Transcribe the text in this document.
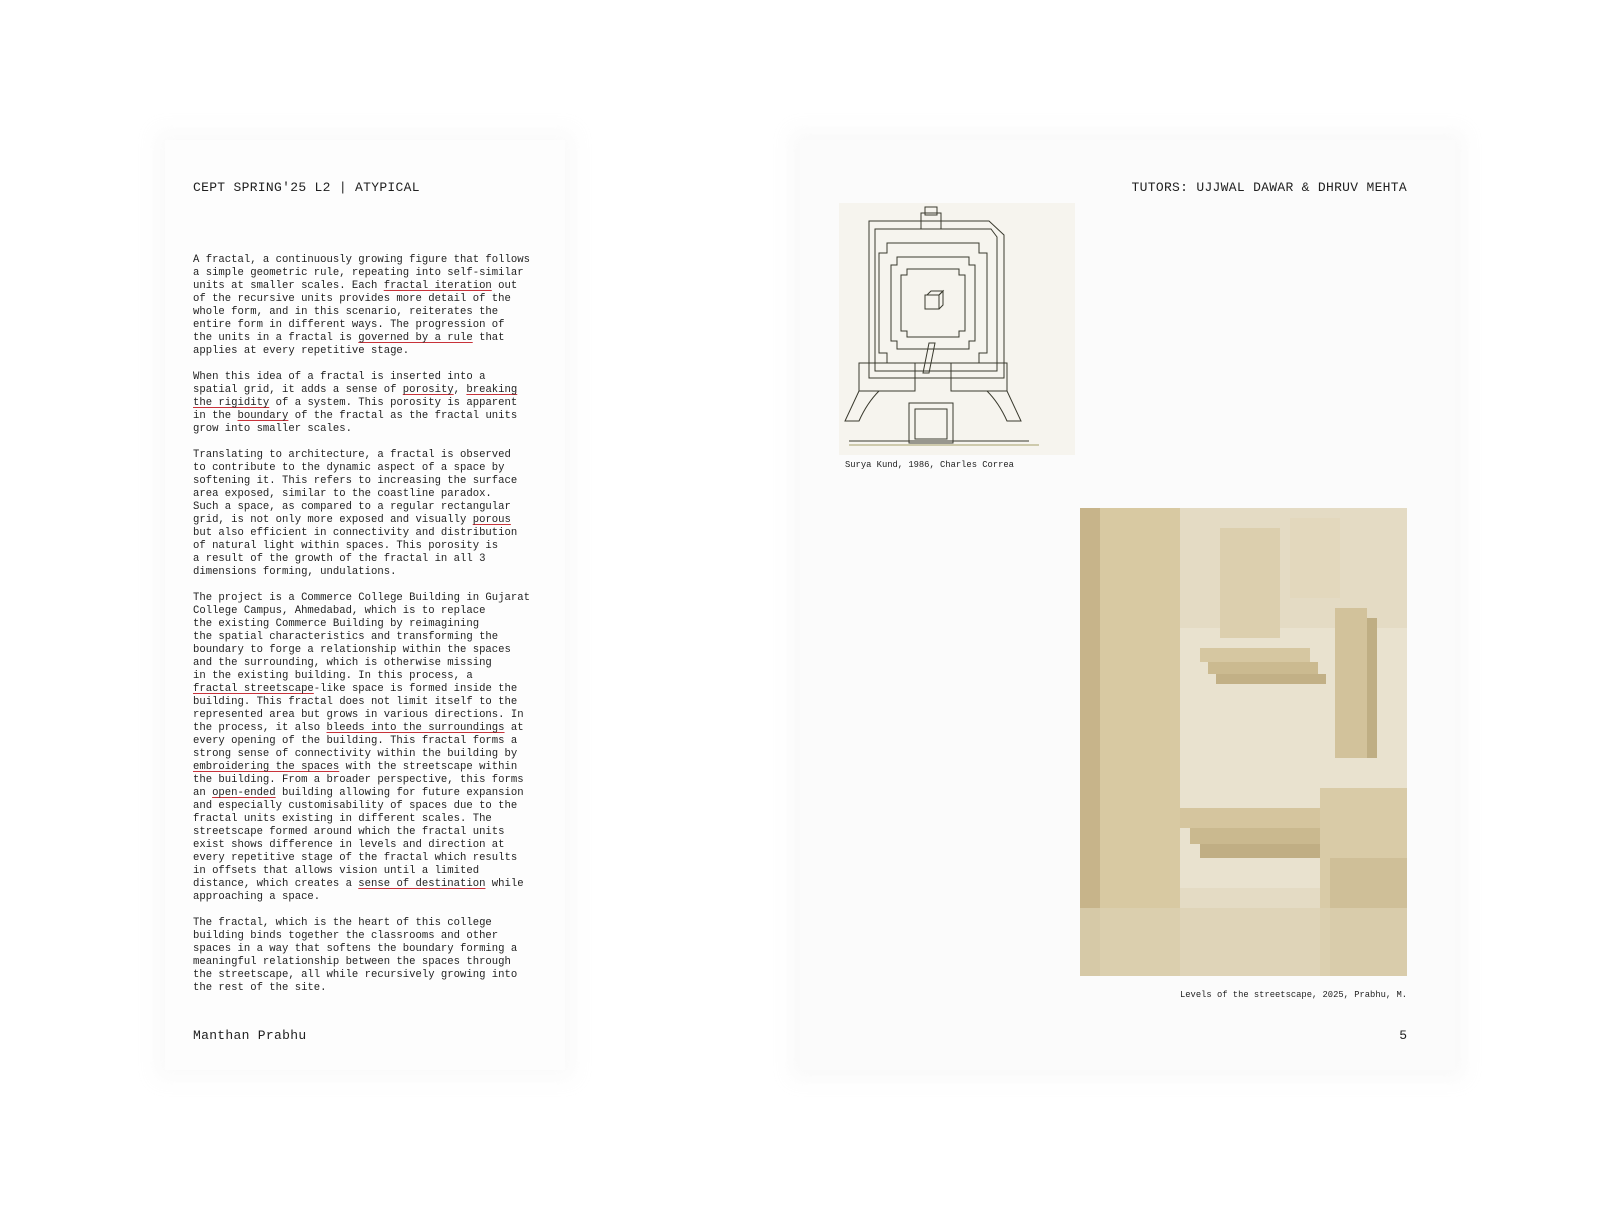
CEPT SPRING'25 L2 | ATYPICAL	TUTORS: UJJWAL DAWAR & DHRUV MEHTA
A fractal, a continuously growing figure that follows
a simple geometric rule, repeating into self-similar
units at smaller scales. Each fractal iteration out
of the recursive units provides more detail of the
whole form, and in this scenario, reiterates the
entire form in different ways. The progression of
the units in a fractal is governed by a rule that
applies at every repetitive stage.
When this idea of a fractal is inserted into a
spatial grid, it adds a sense of porosity, breaking
the rigidity of a system. This porosity is apparent
in the boundary of the fractal as the fractal units
grow into smaller scales.
Translating to architecture, a fractal is observed
to contribute to the dynamic aspect of a space by
softening it. This refers to increasing the surface
area exposed, similar to the coastline paradox.
Such a space, as compared to a regular rectangular
grid, is not only more exposed and visually porous
but also efficient in connectivity and distribution
of natural light within spaces. This porosity is
a result of the growth of the fractal in all 3
dimensions forming, undulations.
The project is a Commerce College Building in Gujarat
College Campus, Ahmedabad, which is to replace
the existing Commerce Building by reimagining
the spatial characteristics and transforming the
boundary to forge a relationship within the spaces
and the surrounding, which is otherwise missing
in the existing building. In this process, a
fractal streetscape-like space is formed inside the
building. This fractal does not limit itself to the
represented area but grows in various directions. In
the process, it also bleeds into the surroundings at
every opening of the building. This fractal forms a
strong sense of connectivity within the building by
embroidering the spaces with the streetscape within
the building. From a broader perspective, this forms
an open-ended building allowing for future expansion
and especially customisability of spaces due to the
fractal units existing in different scales. The
streetscape formed around which the fractal units
exist shows difference in levels and direction at
every repetitive stage of the fractal which results
in offsets that allows vision until a limited
distance, which creates a sense of destination while
approaching a space.
The fractal, which is the heart of this college
building binds together the classrooms and other
spaces in a way that softens the boundary forming a
meaningful relationship between the spaces through
the streetscape, all while recursively growing into
the rest of the site.
Surya Kund, 1986, Charles Correa
Levels of the streetscape, 2025, Prabhu, M.
Manthan Prabhu	5
